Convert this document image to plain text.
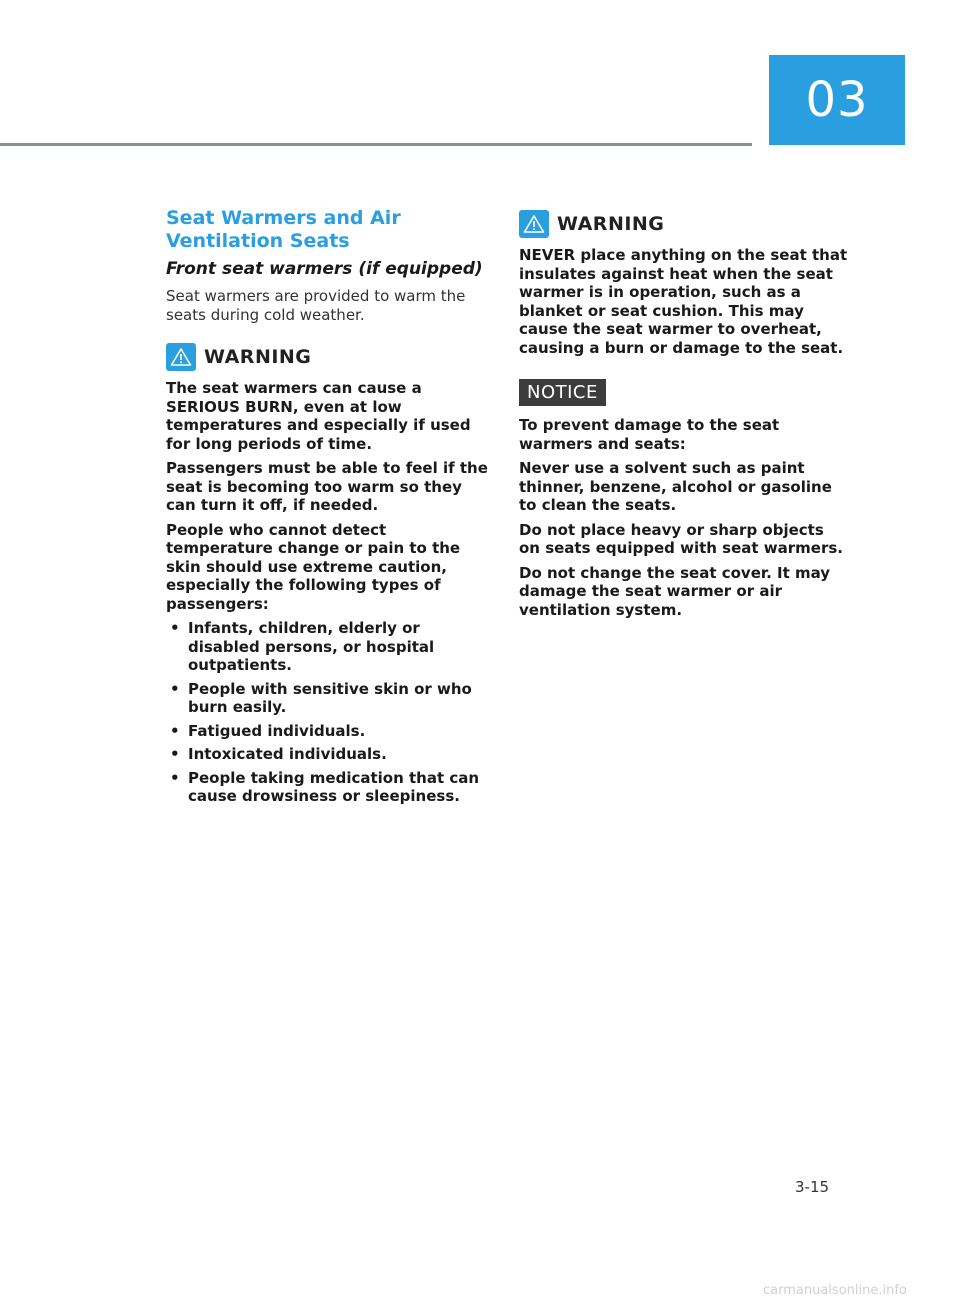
03
Seat Warmers and Air Ventilation Seats
Front seat warmers (if equipped)

Seat warmers are provided to warm the seats during cold weather.

WARNING

The seat warmers can cause a SERIOUS BURN, even at low temperatures and especially if used for long periods of time.

Passengers must be able to feel if the seat is becoming too warm so they can turn it off, if needed.

People who cannot detect temperature change or pain to the skin should use extreme caution, especially the following types of passengers:

• Infants, children, elderly or disabled persons, or hospital outpatients.
• People with sensitive skin or who burn easily.
• Fatigued individuals.
• Intoxicated individuals.
• People taking medication that can cause drowsiness or sleepiness.
WARNING

NEVER place anything on the seat that insulates against heat when the seat warmer is in operation, such as a blanket or seat cushion. This may cause the seat warmer to overheat, causing a burn or damage to the seat.

NOTICE

To prevent damage to the seat warmers and seats:

Never use a solvent such as paint thinner, benzene, alcohol or gasoline to clean the seats.

Do not place heavy or sharp objects on seats equipped with seat warmers.

Do not change the seat cover. It may damage the seat warmer or air ventilation system.

3-15
carmanualsonline.info
